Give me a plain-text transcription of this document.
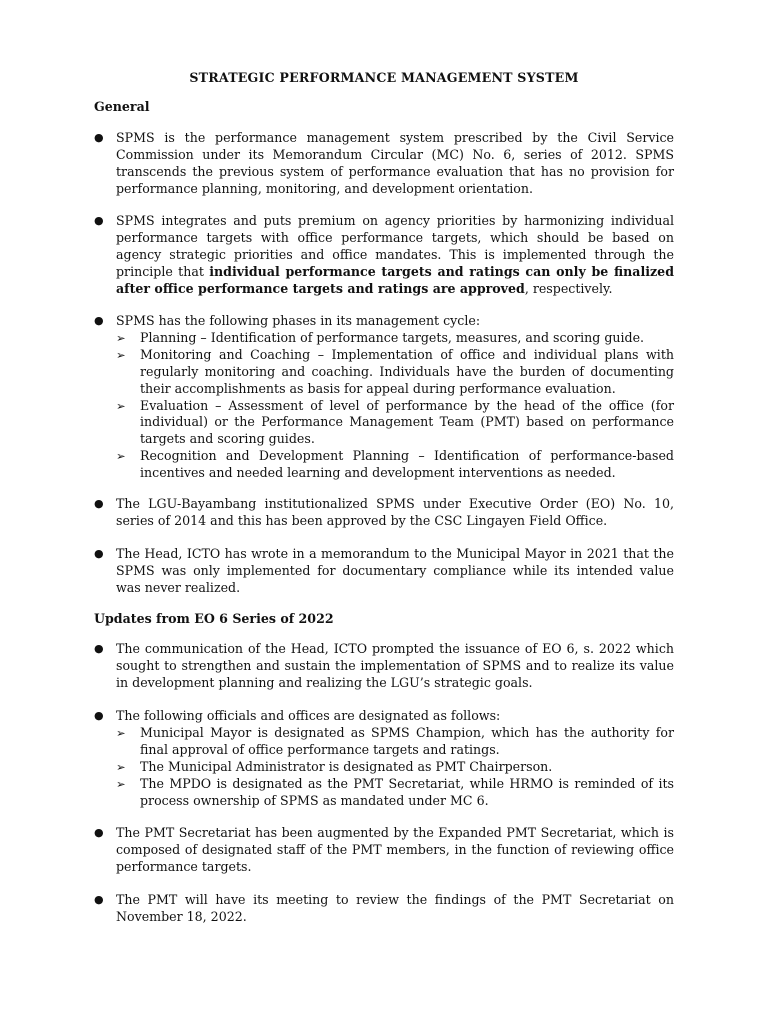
STRATEGIC PERFORMANCE MANAGEMENT SYSTEM
General
● SPMS is the performance management system prescribed by the Civil Service Commission under its Memorandum Circular (MC) No. 6, series of 2012. SPMS transcends the previous system of performance evaluation that has no provision for performance planning, monitoring, and development orientation.
● SPMS integrates and puts premium on agency priorities by harmonizing individual performance targets with office performance targets, which should be based on agency strategic priorities and office mandates. This is implemented through the principle that individual performance targets and ratings can only be finalized after office performance targets and ratings are approved, respectively.
● SPMS has the following phases in its management cycle:
➢	Planning – Identification of performance targets, measures, and scoring guide.
➢	Monitoring and Coaching – Implementation of office and individual plans with regularly monitoring and coaching. Individuals have the burden of documenting their accomplishments as basis for appeal during performance evaluation.
➢	Evaluation – Assessment of level of performance by the head of the office (for individual) or the Performance Management Team (PMT) based on performance targets and scoring guides.
➢	Recognition and Development Planning – Identification of performance-based incentives and needed learning and development interventions as needed.
● The LGU-Bayambang institutionalized SPMS under Executive Order (EO) No. 10, series of 2014 and this has been approved by the CSC Lingayen Field Office.
● The Head, ICTO has wrote in a memorandum to the Municipal Mayor in 2021 that the SPMS was only implemented for documentary compliance while its intended value was never realized.
Updates from EO 6 Series of 2022
● The communication of the Head, ICTO prompted the issuance of EO 6, s. 2022 which sought to strengthen and sustain the implementation of SPMS and to realize its value in development planning and realizing the LGU’s strategic goals.
● The following officials and offices are designated as follows:
➢	Municipal Mayor is designated as SPMS Champion, which has the authority for final approval of office performance targets and ratings.
➢	The Municipal Administrator is designated as PMT Chairperson.
➢	The MPDO is designated as the PMT Secretariat, while HRMO is reminded of its process ownership of SPMS as mandated under MC 6.
● The PMT Secretariat has been augmented by the Expanded PMT Secretariat, which is composed of designated staff of the PMT members, in the function of reviewing office performance targets.
● The PMT will have its meeting to review the findings of the PMT Secretariat on November 18, 2022.
